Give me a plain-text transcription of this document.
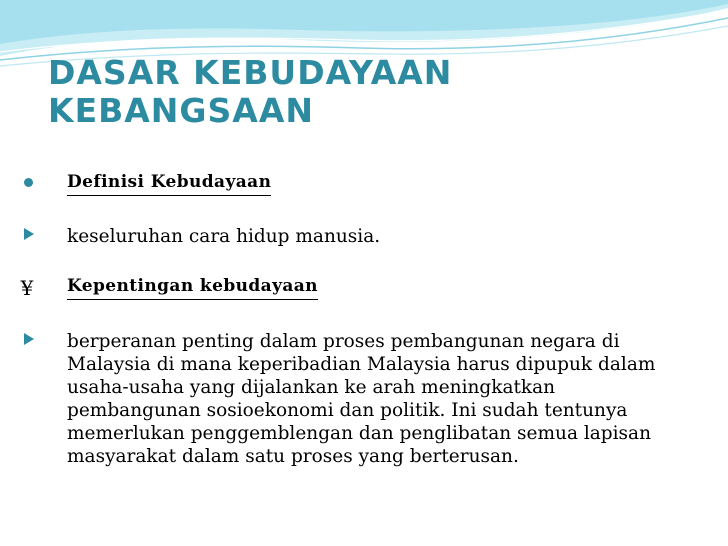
DASAR KEBUDAYAAN KEBANGSAAN
Definisi Kebudayaan
keseluruhan cara hidup manusia.
¥ Kepentingan kebudayaan
berperanan penting dalam proses pembangunan negara di Malaysia di mana keperibadian Malaysia harus dipupuk dalam usaha-usaha yang dijalankan ke arah meningkatkan pembangunan sosioekonomi dan politik. Ini sudah tentunya memerlukan penggemblengan dan penglibatan semua lapisan masyarakat dalam satu proses yang berterusan.
